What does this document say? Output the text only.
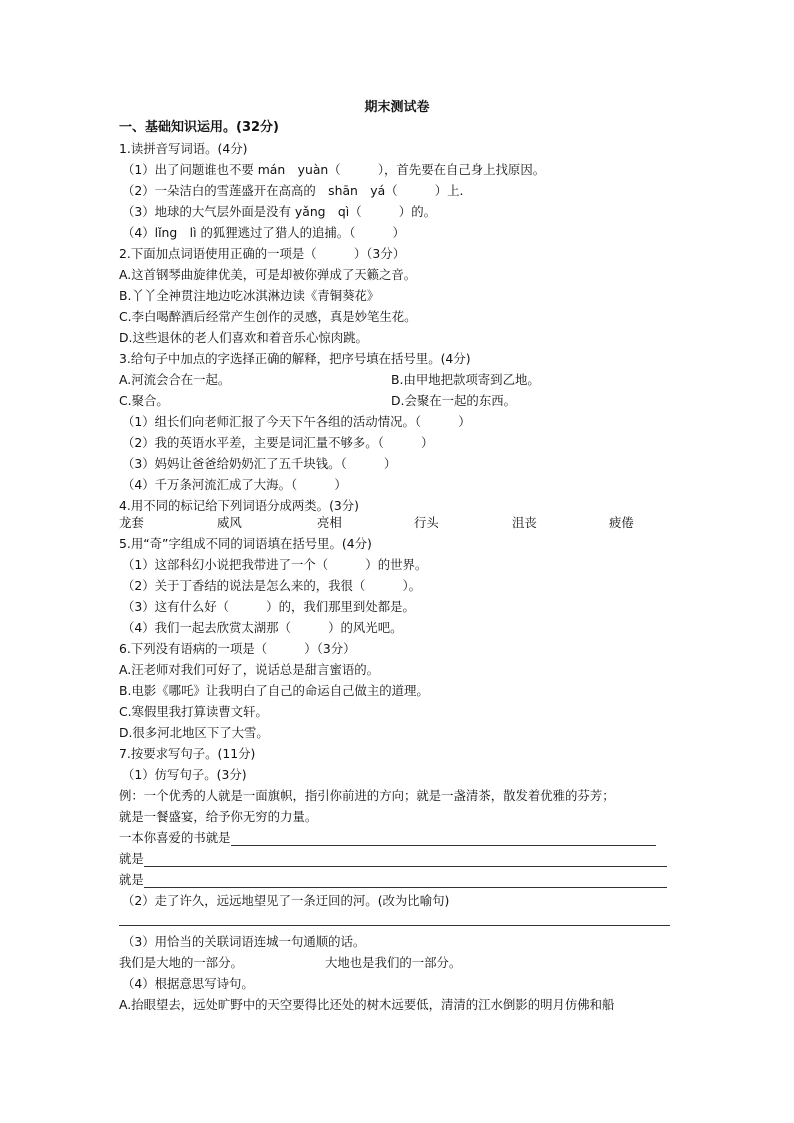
期末测试卷
一、基础知识运用。(32分)
1.读拼音写词语。(4分)
（1）出了问题谁也不要 mán　yuàn（　　　），首先要在自己身上找原因。
（2）一朵洁白的雪莲盛开在高高的　shān　yá（　　　）上.
（3）地球的大气层外面是没有 yǎng　qì（　　　）的。
（4）lǐng　lì 的狐狸逃过了猎人的追捕。（　　　）
2.下面加点词语使用正确的一项是（　　　）（3分）
A.这首钢琴曲旋律优美，可是却被你弹成了天籁之音。
B.丫丫全神贯注地边吃冰淇淋边读《青铜葵花》
C.李白喝醉酒后经常产生创作的灵感，真是妙笔生花。
D.这些退休的老人们喜欢和着音乐心惊肉跳。
3.给句子中加点的字选择正确的解释，把序号填在括号里。(4分)
A.河流会合在一起。	B.由甲地把款项寄到乙地。
C.聚合。	D.会聚在一起的东西。
（1）组长们向老师汇报了今天下午各组的活动情况。（　　　）
（2）我的英语水平差，主要是词汇量不够多。（　　　）
（3）妈妈让爸爸给奶奶汇了五千块钱。（　　　）
（4）千万条河流汇成了大海。（　　　）
4.用不同的标记给下列词语分成两类。(3分)
龙套	威风	亮相	行头	沮丧	疲倦
5.用“奇”字组成不同的词语填在括号里。(4分)
（1）这部科幻小说把我带进了一个（　　　）的世界。
（2）关于丁香结的说法是怎么来的，我很（　　　）。
（3）这有什么好（　　　）的，我们那里到处都是。
（4）我们一起去欣赏太湖那（　　　）的风光吧。
6.下列没有语病的一项是（　　　）（3分）
A.汪老师对我们可好了，说话总是甜言蜜语的。
B.电影《哪吒》让我明白了自己的命运自己做主的道理。
C.寒假里我打算读曹文轩。
D.很多河北地区下了大雪。
7.按要求写句子。(11分)
（1）仿写句子。(3分)
例：一个优秀的人就是一面旗帜，指引你前进的方向；就是一盏清茶，散发着优雅的芬芳；
就是一餐盛宴，给予你无穷的力量。
一本你喜爱的书就是
就是
就是
（2）走了许久，远远地望见了一条迂回的河。(改为比喻句)
（3）用恰当的关联词语连城一句通顺的话。
我们是大地的一部分。	大地也是我们的一部分。
（4）根据意思写诗句。
A.抬眼望去，远处旷野中的天空要得比还处的树木远要低，清清的江水倒影的明月仿佛和船
